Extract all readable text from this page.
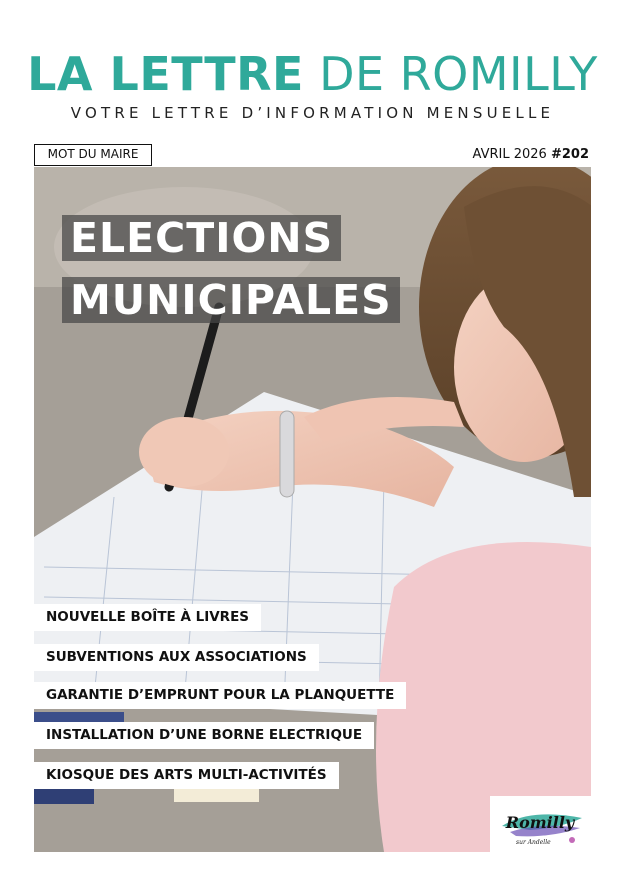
LA LETTRE DE ROMILLY
VOTRE LETTRE D’INFORMATION MENSUELLE
MOT DU MAIRE	AVRIL 2026 #202
ELECTIONS
MUNICIPALES
NOUVELLE BOÎTE À LIVRES
SUBVENTIONS AUX ASSOCIATIONS
GARANTIE D’EMPRUNT POUR LA PLANQUETTE
INSTALLATION D’UNE BORNE ELECTRIQUE
KIOSQUE DES ARTS MULTI-ACTIVITÉS
Romilly
sur Andelle
